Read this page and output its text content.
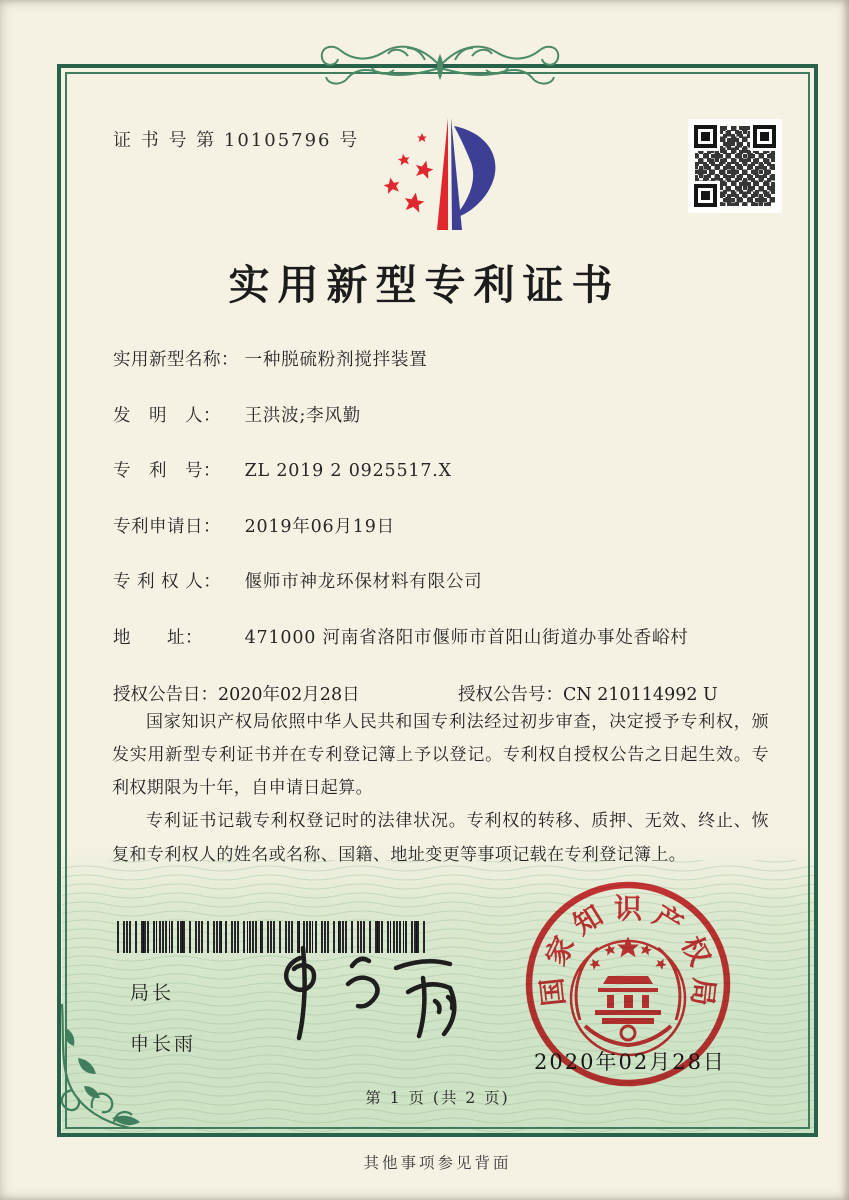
证 书 号 第 10105796 号
实用新型专利证书
实用新型名称： 一种脱硫粉剂搅拌装置
发　明　人： 王洪波;李风勤
专　利　号： ZL 2019 2 0925517.X
专利申请日： 2019年06月19日
专 利 权 人： 偃师市神龙环保材料有限公司
地　　址： 471000 河南省洛阳市偃师市首阳山街道办事处香峪村
授权公告日：2020年02月28日	授权公告号：CN 210114992 U

国家知识产权局依照中华人民共和国专利法经过初步审查，决定授予专利权，颁发实用新型专利证书并在专利登记簿上予以登记。专利权自授权公告之日起生效。专利权期限为十年，自申请日起算。

专利证书记载专利权登记时的法律状况。专利权的转移、质押、无效、终止、恢复和专利权人的姓名或名称、国籍、地址变更等事项记载在专利登记簿上。

局长
申长雨
国
家
知 识 产
权
局
2020年02月28日
第 1 页 (共 2 页)
其他事项参见背面
